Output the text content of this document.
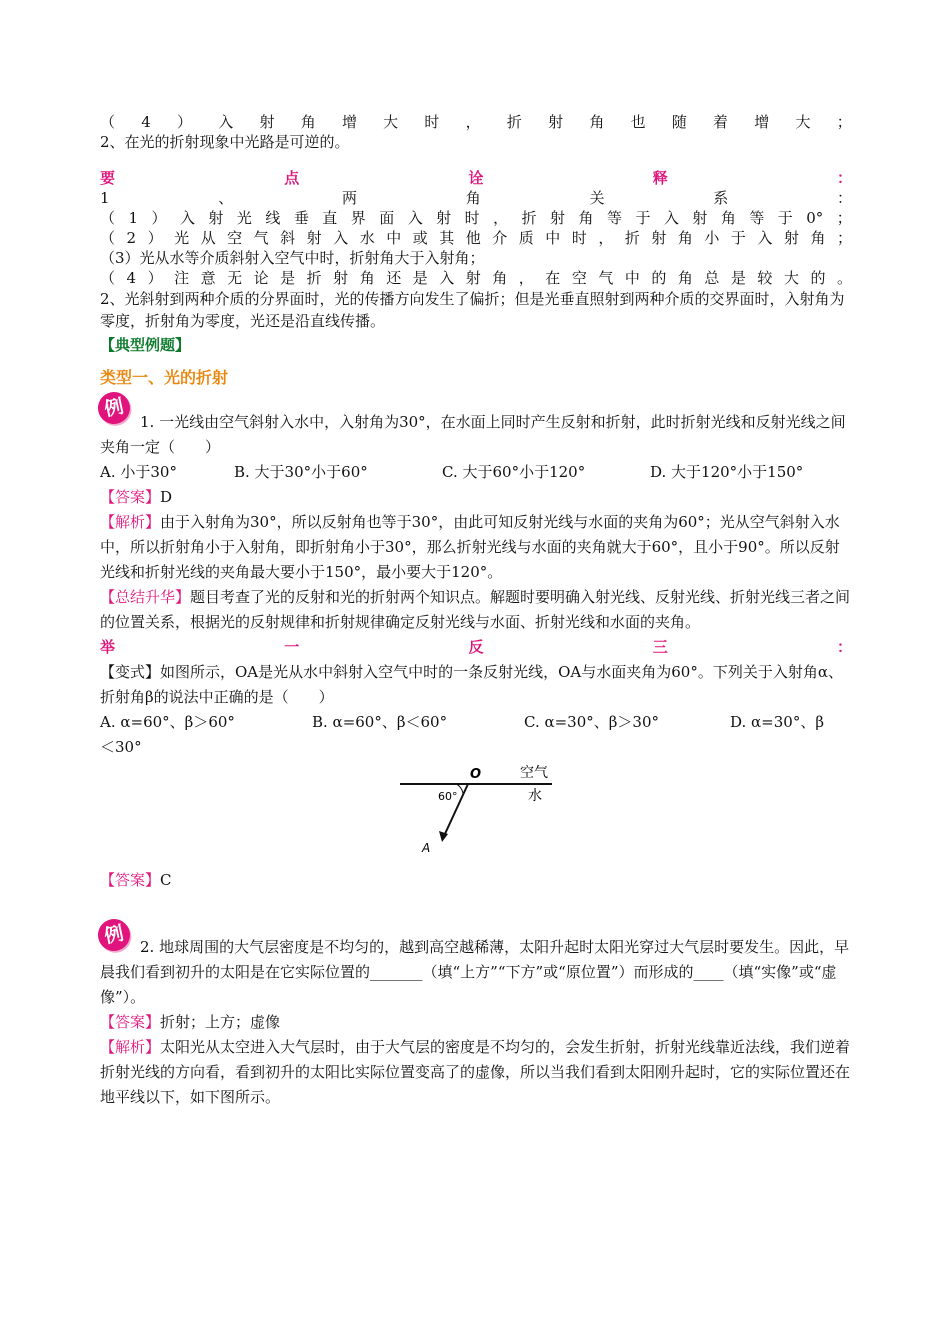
（ 4 ） 入 射 角 增 大 时 ， 折 射 角 也 随 着 增 大 ；

2、在光的折射现象中光路是可逆的。

要	点	诠	释	：
1	、	两	角	关	系	：
（ 1 ） 入 射 光 线 垂 直 界 面 入 射 时 ， 折 射 角 等 于 入 射 角 等 于 0° ；
（ 2 ） 光 从 空 气 斜 射 入 水 中 或 其 他 介 质 中 时 ， 折 射 角 小 于 入 射 角 ；

（3）光从水等介质斜射入空气中时，折射角大于入射角；

（ 4 ） 注 意 无 论 是 折 射 角 还 是 入 射 角 ， 在 空 气 中 的 角 总 是 较 大 的 。

2、光斜射到两种介质的分界面时，光的传播方向发生了偏折；但是光垂直照射到两种介质的交界面时，入射角为零度，折射角为零度，光还是沿直线传播。

【典型例题】

类型一、光的折射

例

1. 一光线由空气斜射入水中，入射角为30°，在水面上同时产生反射和折射，此时折射光线和反射光线之间夹角一定（　　）

A. 小于30°	B. 大于30°小于60°	C. 大于60°小于120°	D. 大于120°小于150°

【答案】D

【解析】由于入射角为30°，所以反射角也等于30°，由此可知反射光线与水面的夹角为60°；光从空气斜射入水中，所以折射角小于入射角，即折射角小于30°，那么折射光线与水面的夹角就大于60°，且小于90°。所以反射光线和折射光线的夹角最大要小于150°，最小要大于120°。

【总结升华】题目考查了光的反射和光的折射两个知识点。解题时要明确入射光线、反射光线、折射光线三者之间的位置关系，根据光的反射规律和折射规律确定反射光线与水面、折射光线和水面的夹角。

举	一	反	三	：

【变式】如图所示，OA是光从水中斜射入空气中时的一条反射光线，OA与水面夹角为60°。下列关于入射角α、折射角β的说法中正确的是（　　）

A. α=60°、β＞60°	B. α=60°、β＜60°	C. α=30°、β＞30°	D. α=30°、β

＜30°

O	空气
水
60°
A

【答案】C

例 2. 地球周围的大气层密度是不均匀的，越到高空越稀薄，太阳升起时太阳光穿过大气层时要发生。因此，早晨我们看到初升的太阳是在它实际位置的_______（填“上方”“下方”或“原位置”）而形成的____（填“实像”或“虚像”）。

【答案】折射；上方；虚像

【解析】太阳光从太空进入大气层时，由于大气层的密度是不均匀的，会发生折射，折射光线靠近法线，我们逆着折射光线的方向看，看到初升的太阳比实际位置变高了的虚像，所以当我们看到太阳刚升起时，它的实际位置还在地平线以下，如下图所示。
